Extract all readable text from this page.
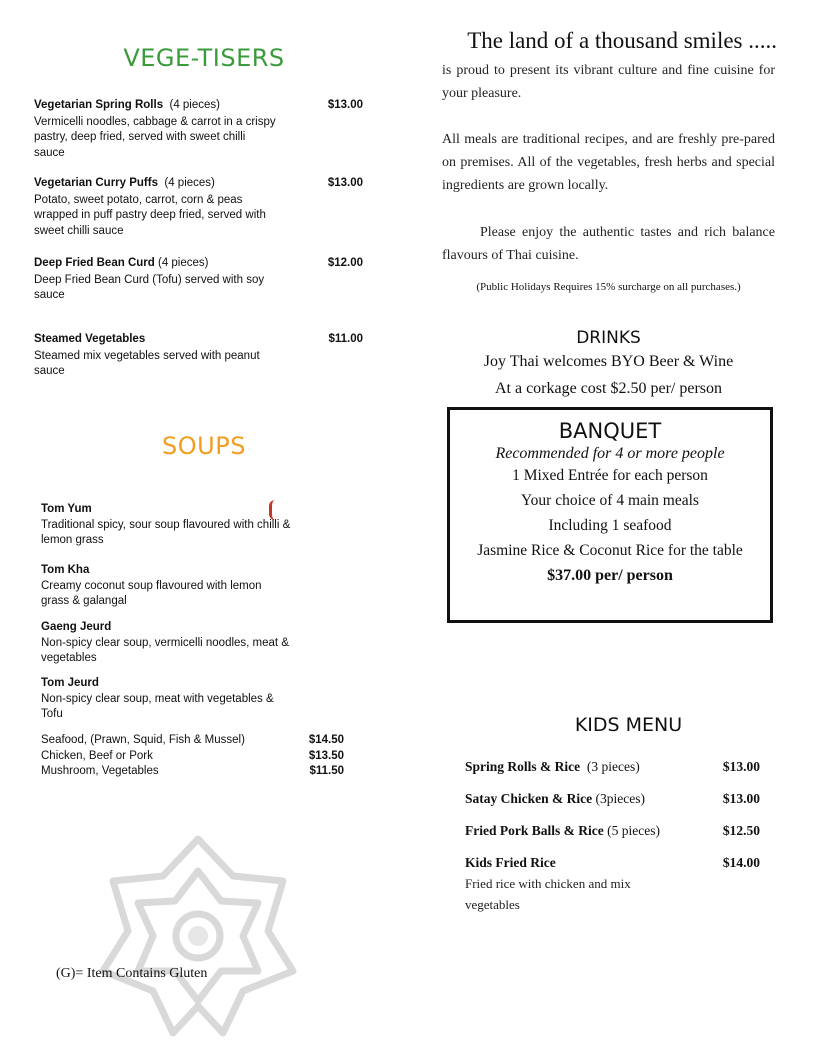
VEGE-TISERS
Vegetarian Spring Rolls (4 pieces)	$13.00
Vermicelli noodles, cabbage & carrot in a crispy pastry, deep fried, served with sweet chilli sauce
Vegetarian Curry Puffs (4 pieces)	$13.00
Potato, sweet potato, carrot, corn & peas wrapped in puff pastry deep fried, served with sweet chilli sauce
Deep Fried Bean Curd (4 pieces)	$12.00
Deep Fried Bean Curd (Tofu) served with soy sauce
Steamed Vegetables	$11.00
Steamed mix vegetables served with peanut sauce
SOUPS
Tom Yum
Traditional spicy, sour soup flavoured with chilli & lemon grass
Tom Kha
Creamy coconut soup flavoured with lemon grass & galangal
Gaeng Jeurd
Non-spicy clear soup, vermicelli noodles, meat & vegetables
Tom Jeurd
Non-spicy clear soup, meat with vegetables & Tofu
Seafood, (Prawn, Squid, Fish & Mussel)	$14.50
Chicken, Beef or Pork	$13.50
Mushroom, Vegetables	$11.50
(G)= Item Contains Gluten
The land of a thousand smiles .....

is proud to present its vibrant culture and fine cuisine for your pleasure.

All meals are traditional recipes, and are freshly pre-pared on premises. All of the vegetables, fresh herbs and special ingredients are grown locally.

Please enjoy the authentic tastes and rich balance flavours of Thai cuisine.

(Public Holidays Requires 15% surcharge on all purchases.)
DRINKS
Joy Thai welcomes BYO Beer & Wine
At a corkage cost $2.50 per/ person
BANQUET
Recommended for 4 or more people
1 Mixed Entrée for each person
Your choice of 4 main meals
Including 1 seafood
Jasmine Rice & Coconut Rice for the table
$37.00 per/ person
KIDS MENU
Spring Rolls & Rice (3 pieces)	$13.00
Satay Chicken & Rice (3pieces)	$13.00
Fried Pork Balls & Rice (5 pieces)	$12.50
Kids Fried Rice	$14.00
Fried rice with chicken and mix vegetables
